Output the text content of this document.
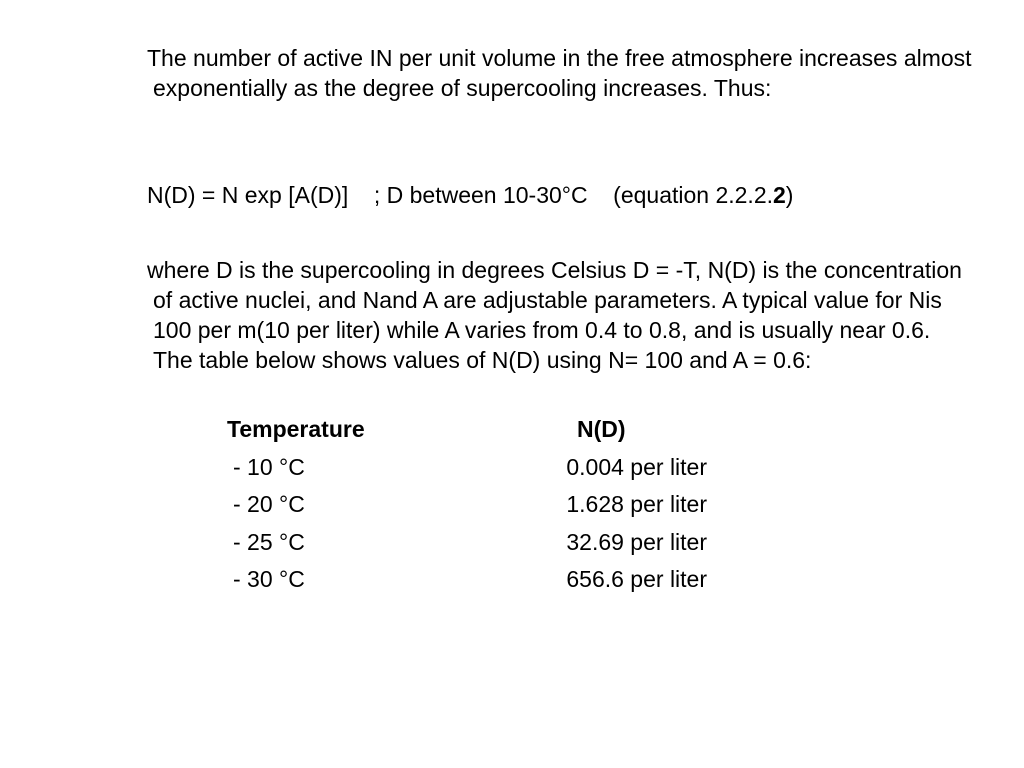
The number of active IN per unit volume in the free atmosphere increases almost exponentially as the degree of supercooling increases. Thus:

N(D) = N exp [A(D)]    ; D between 10-30°C    (equation 2.2.2.2)

where D is the supercooling in degrees Celsius D = -T, N(D) is the concentration of active nuclei, and Nand A are adjustable parameters. A typical value for Nis 100 per m(10 per liter) while A varies from 0.4 to 0.8, and is usually near 0.6. The table below shows values of N(D) using N= 100 and A = 0.6:

Temperature	N(D)
- 10 °C	0.004 per liter
- 20 °C	1.628 per liter
- 25 °C	32.69 per liter
- 30 °C	656.6 per liter
